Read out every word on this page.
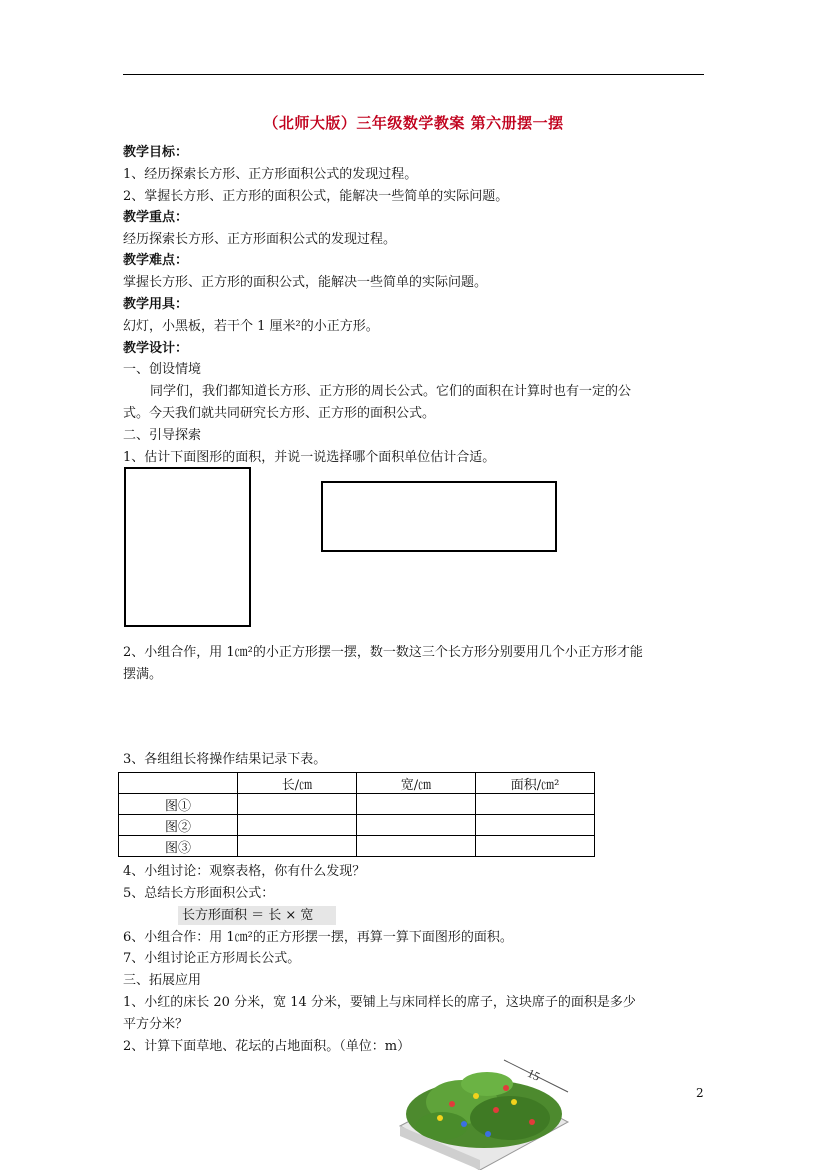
（北师大版）三年级数学教案 第六册摆一摆
教学目标：
1、经历探索长方形、正方形面积公式的发现过程。
2、掌握长方形、正方形的面积公式，能解决一些简单的实际问题。
教学重点：
经历探索长方形、正方形面积公式的发现过程。
教学难点：
掌握长方形、正方形的面积公式，能解决一些简单的实际问题。
教学用具：
幻灯，小黑板，若干个 1 厘米²的小正方形。
教学设计：
一、创设情境
同学们，我们都知道长方形、正方形的周长公式。它们的面积在计算时也有一定的公
式。今天我们就共同研究长方形、正方形的面积公式。
二、引导探索
1、估计下面图形的面积，并说一说选择哪个面积单位估计合适。
2、小组合作，用 1㎝²的小正方形摆一摆，数一数这三个长方形分别要用几个小正方形才能
摆满。
3、各组组长将操作结果记录下表。
	长/㎝	宽/㎝	面积/㎝²
图①			
图②			
图③			
4、小组讨论：观察表格，你有什么发现？
5、总结长方形面积公式：
长方形面积 ＝ 长 × 宽
6、小组合作：用 1㎝²的正方形摆一摆，再算一算下面图形的面积。
7、小组讨论正方形周长公式。
三、拓展应用
1、小红的床长 20 分米，宽 14 分米，要铺上与床同样长的席子，这块席子的面积是多少
平方分米？
2、计算下面草地、花坛的占地面积。（单位：m）
15
2
